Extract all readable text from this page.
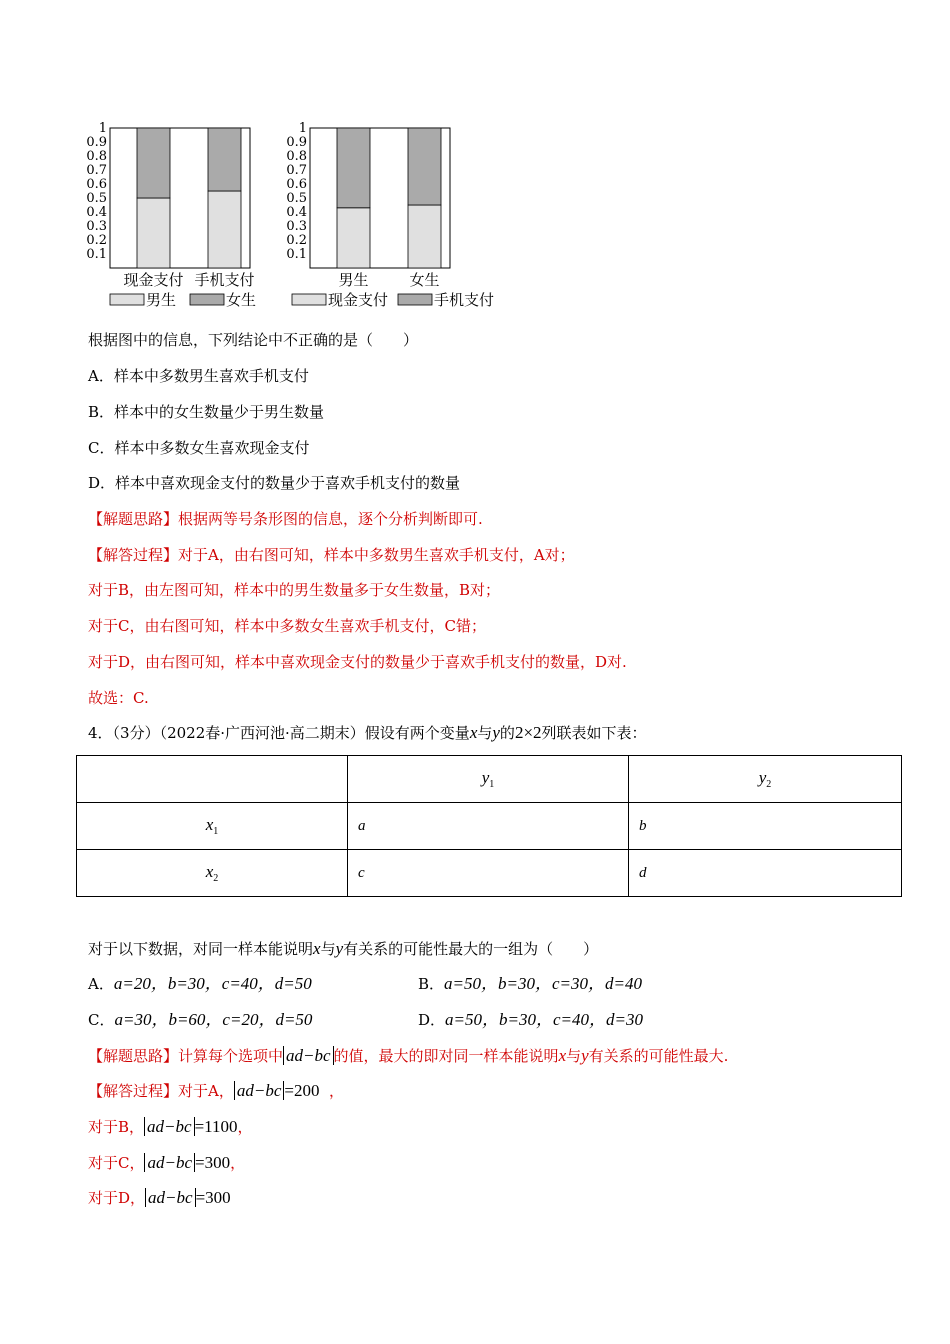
0.1
0.2
0.3
0.4
0.5
0.6
0.7
0.8
0.9
1
现金支付 手机支付
男生	女生
0.1
0.2
0.3
0.4
0.5
0.6
0.7
0.8
0.9
1
男生	女生
现金支付	手机支付
根据图中的信息，下列结论中不正确的是（　　）
A．样本中多数男生喜欢手机支付
B．样本中的女生数量少于男生数量
C．样本中多数女生喜欢现金支付
D．样本中喜欢现金支付的数量少于喜欢手机支付的数量
【解题思路】根据两等号条形图的信息，逐个分析判断即可.
【解答过程】对于A，由右图可知，样本中多数男生喜欢手机支付，A对；
对于B，由左图可知，样本中的男生数量多于女生数量，B对；
对于C，由右图可知，样本中多数女生喜欢手机支付，C错；
对于D，由右图可知，样本中喜欢现金支付的数量少于喜欢手机支付的数量，D对.
故选：C.
4．（3分）（2022春·广西河池·高二期末）假设有两个变量x与y的2×2列联表如下表：
	$y_1$	$y_2$
$x_1$	a	b
$x_2$	c	d
对于以下数据，对同一样本能说明x与y有关系的可能性最大的一组为（　　）
A．a=20，b=30，c=40，d=50	B．a=50，b=30，c=30，d=40
C．a=30，b=60，c=20，d=50	D．a=50，b=30，c=40，d=30
【解题思路】计算每个选项中 ad−bc 的值，最大的即对同一样本能说明x与y有关系的可能性最大.
【解答过程】对于A， ad−bc =200 ，
对于B， ad−bc =1100，
对于C， ad−bc =300，
对于D， ad−bc =300
